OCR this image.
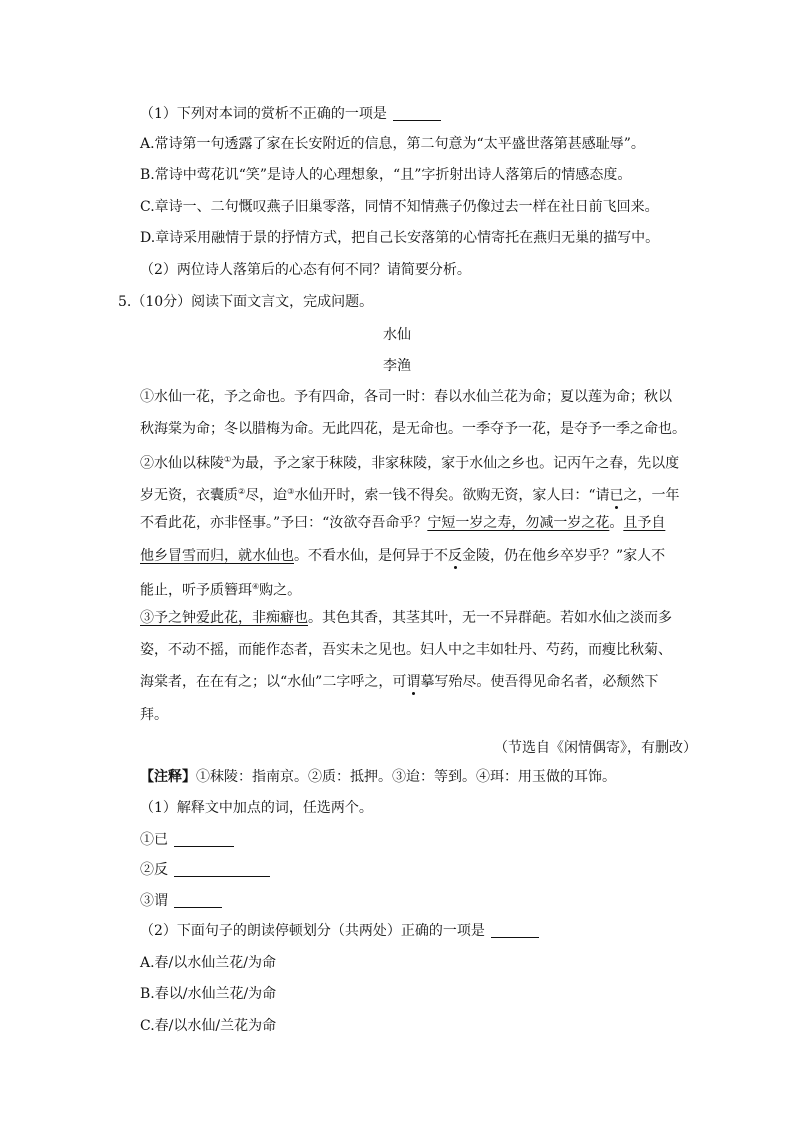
（1）下列对本词的赏析不正确的一项是
A.常诗第一句透露了家在长安附近的信息，第二句意为“太平盛世落第甚感耻辱”。
B.常诗中莺花讥“笑”是诗人的心理想象，“且”字折射出诗人落第后的情感态度。
C.章诗一、二句慨叹燕子旧巢零落，同情不知情燕子仍像过去一样在社日前飞回来。
D.章诗采用融情于景的抒情方式，把自己长安落第的心情寄托在燕归无巢的描写中。
（2）两位诗人落第后的心态有何不同？请简要分析。
5.（10分）阅读下面文言文，完成问题。
水仙
李渔
①水仙一花，予之命也。予有四命，各司一时：春以水仙兰花为命；夏以莲为命；秋以
秋海棠为命；冬以腊梅为命。无此四花，是无命也。一季夺予一花，是夺予一季之命也。
②水仙以秣陵①为最，予之家于秣陵，非家秣陵，家于水仙之乡也。记丙午之春，先以度
岁无资，衣囊质②尽，迨③水仙开时，索一钱不得矣。欲购无资，家人曰：“请已之，一年
不看此花，亦非怪事。”予曰：“汝欲夺吾命乎？宁短一岁之寿，勿减一岁之花。且予自
他乡冒雪而归，就水仙也。不看水仙，是何异于不反金陵，仍在他乡卒岁乎？”家人不
能止，听予质簪珥④购之。
③予之钟爱此花，非痴癖也。其色其香，其茎其叶，无一不异群葩。若如水仙之淡而多
姿，不动不摇，而能作态者，吾实未之见也。妇人中之丰如牡丹、芍药，而瘦比秋菊、
海棠者，在在有之；以“水仙”二字呼之，可谓摹写殆尽。使吾得见命名者，必颓然下
拜。
（节选自《闲情偶寄》，有删改）
【注释】①秣陵：指南京。②质：抵押。③迨：等到。④珥：用玉做的耳饰。
（1）解释文中加点的词，任选两个。
①已
②反
③谓
（2）下面句子的朗读停顿划分（共两处）正确的一项是
A.春/以水仙兰花/为命
B.春以/水仙兰花/为命
C.春/以水仙/兰花为命
